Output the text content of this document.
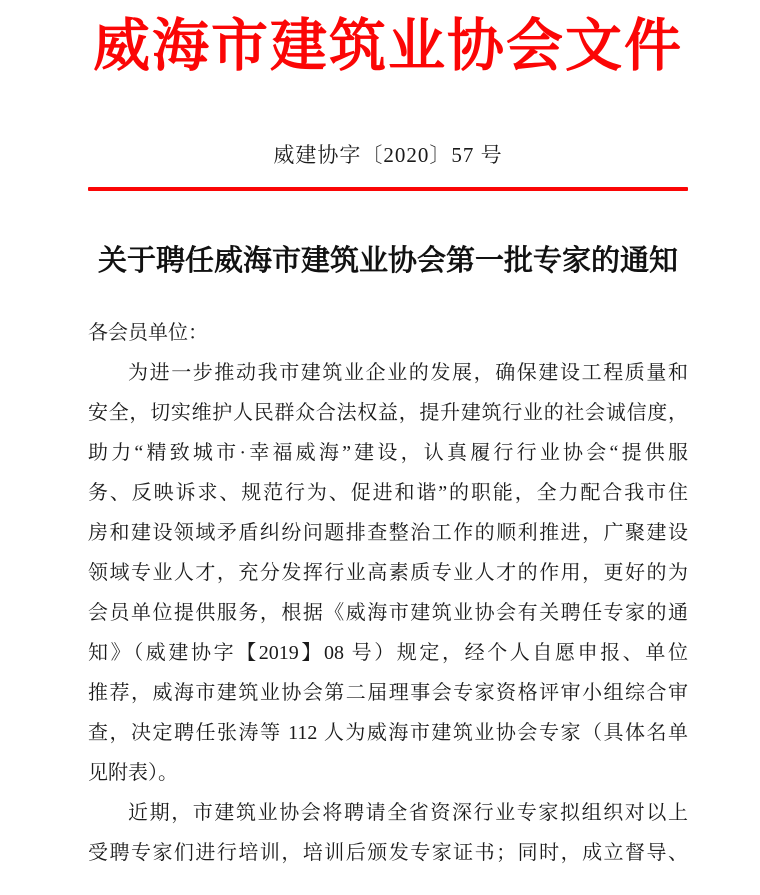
威海市建筑业协会文件
威建协字〔2020〕57 号
关于聘任威海市建筑业协会第一批专家的通知
各会员单位：
为进一步推动我市建筑业企业的发展，确保建设工程质量和
安全，切实维护人民群众合法权益，提升建筑行业的社会诚信度，
助力“精致城市·幸福威海”建设，认真履行行业协会“提供服
务、反映诉求、规范行为、促进和谐”的职能，全力配合我市住
房和建设领域矛盾纠纷问题排查整治工作的顺利推进，广聚建设
领域专业人才，充分发挥行业高素质专业人才的作用，更好的为
会员单位提供服务，根据《威海市建筑业协会有关聘任专家的通
知》（威建协字【2019】08 号）规定，经个人自愿申报、单位
推荐，威海市建筑业协会第二届理事会专家资格评审小组综合审
查，决定聘任张涛等 112 人为威海市建筑业协会专家（具体名单
见附表）。
近期，市建筑业协会将聘请全省资深行业专家拟组织对以上
受聘专家们进行培训，培训后颁发专家证书；同时，成立督导、
